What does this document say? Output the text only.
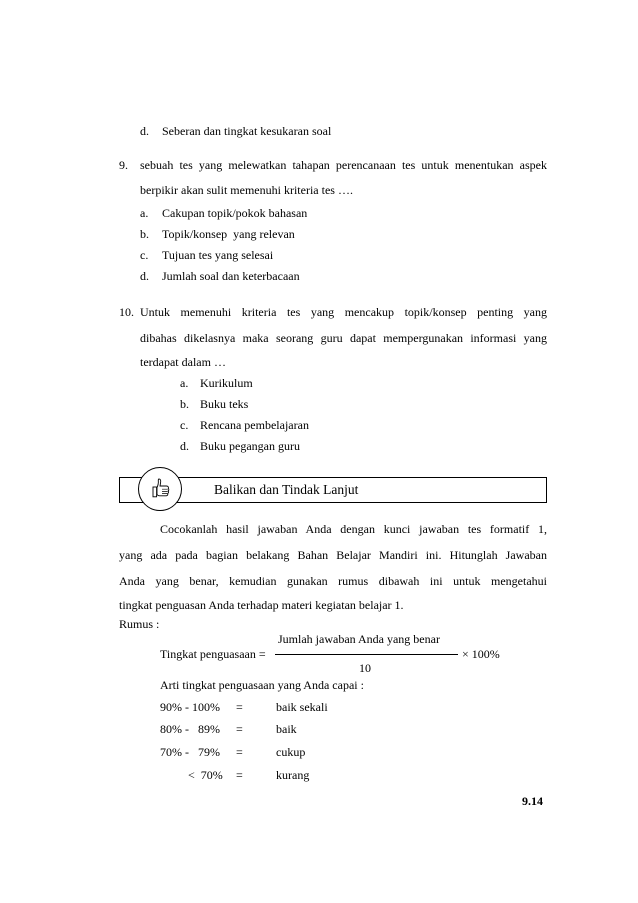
d. Seberan dan tingkat kesukaran soal
9. sebuah tes yang melewatkan tahapan perencanaan tes untuk menentukan aspek
berpikir akan sulit memenuhi kriteria tes ….
a. Cakupan topik/pokok bahasan
b. Topik/konsep  yang relevan
c. Tujuan tes yang selesai
d. Jumlah soal dan keterbacaan
10. Untuk memenuhi kriteria tes yang mencakup topik/konsep penting yang
dibahas dikelasnya maka seorang guru dapat mempergunakan informasi yang
terdapat dalam …
a. Kurikulum
b. Buku teks
c. Rencana pembelajaran
d. Buku pegangan guru
Balikan dan Tindak Lanjut
Cocokanlah hasil jawaban Anda dengan kunci jawaban tes formatif 1,
yang ada pada bagian belakang Bahan Belajar Mandiri ini. Hitunglah Jawaban
Anda yang benar, kemudian gunakan rumus dibawah ini untuk mengetahui
tingkat penguasan Anda terhadap materi kegiatan belajar 1.
Rumus :
Jumlah jawaban Anda yang benar
Tingkat penguasaan =	× 100%
10
Arti tingkat penguasaan yang Anda capai :
90% - 100% =	baik sekali
80% -   89% =	baik
70% -   79% =	cukup
<  70% =	kurang
9.14
